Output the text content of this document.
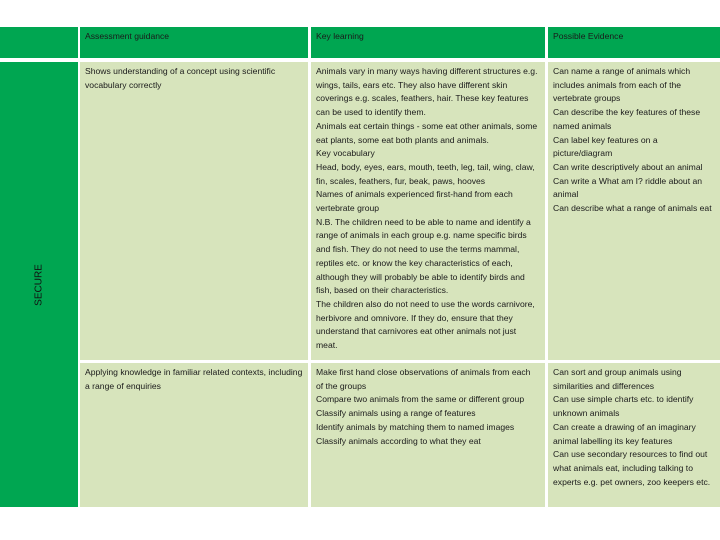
Assessment guidance	Key learning	Possible Evidence
SECURE
Shows understanding of a concept using scientific vocabulary correctly

Animals vary in many ways having different structures e.g. wings, tails, ears etc. They also have different skin coverings e.g. scales, feathers, hair. These key features can be used to identify them.

Animals eat certain things - some eat other animals, some eat plants, some eat both plants and animals.

Key vocabulary

Head, body, eyes, ears, mouth, teeth, leg, tail, wing, claw, fin, scales, feathers, fur, beak, paws, hooves

Names of animals experienced first-hand from each vertebrate group

N.B. The children need to be able to name and identify a range of animals in each group e.g. name specific birds and fish. They do not need to use the terms mammal, reptiles etc. or know the key characteristics of each, although they will probably be able to identify birds and fish, based on their characteristics.

The children also do not need to use the words carnivore, herbivore and omnivore. If they do, ensure that they understand that carnivores eat other animals not just meat.

Can name a range of animals which includes animals from each of the vertebrate groups

Can describe the key features of these named animals

Can label key features on a picture/diagram

Can write descriptively about an animal

Can write a What am I? riddle about an animal

Can describe what a range of animals eat

Applying knowledge in familiar related contexts, including a range of enquiries

Make first hand close observations of animals from each of the groups

Compare two animals from the same or different group

Classify animals using a range of features

Identify animals by matching them to named images

Classify animals according to what they eat

Can sort and group animals using similarities and differences

Can use simple charts etc. to identify unknown animals

Can create a drawing of an imaginary animal labelling its key features

Can use secondary resources to find out what animals eat, including talking to experts e.g. pet owners, zoo keepers etc.
